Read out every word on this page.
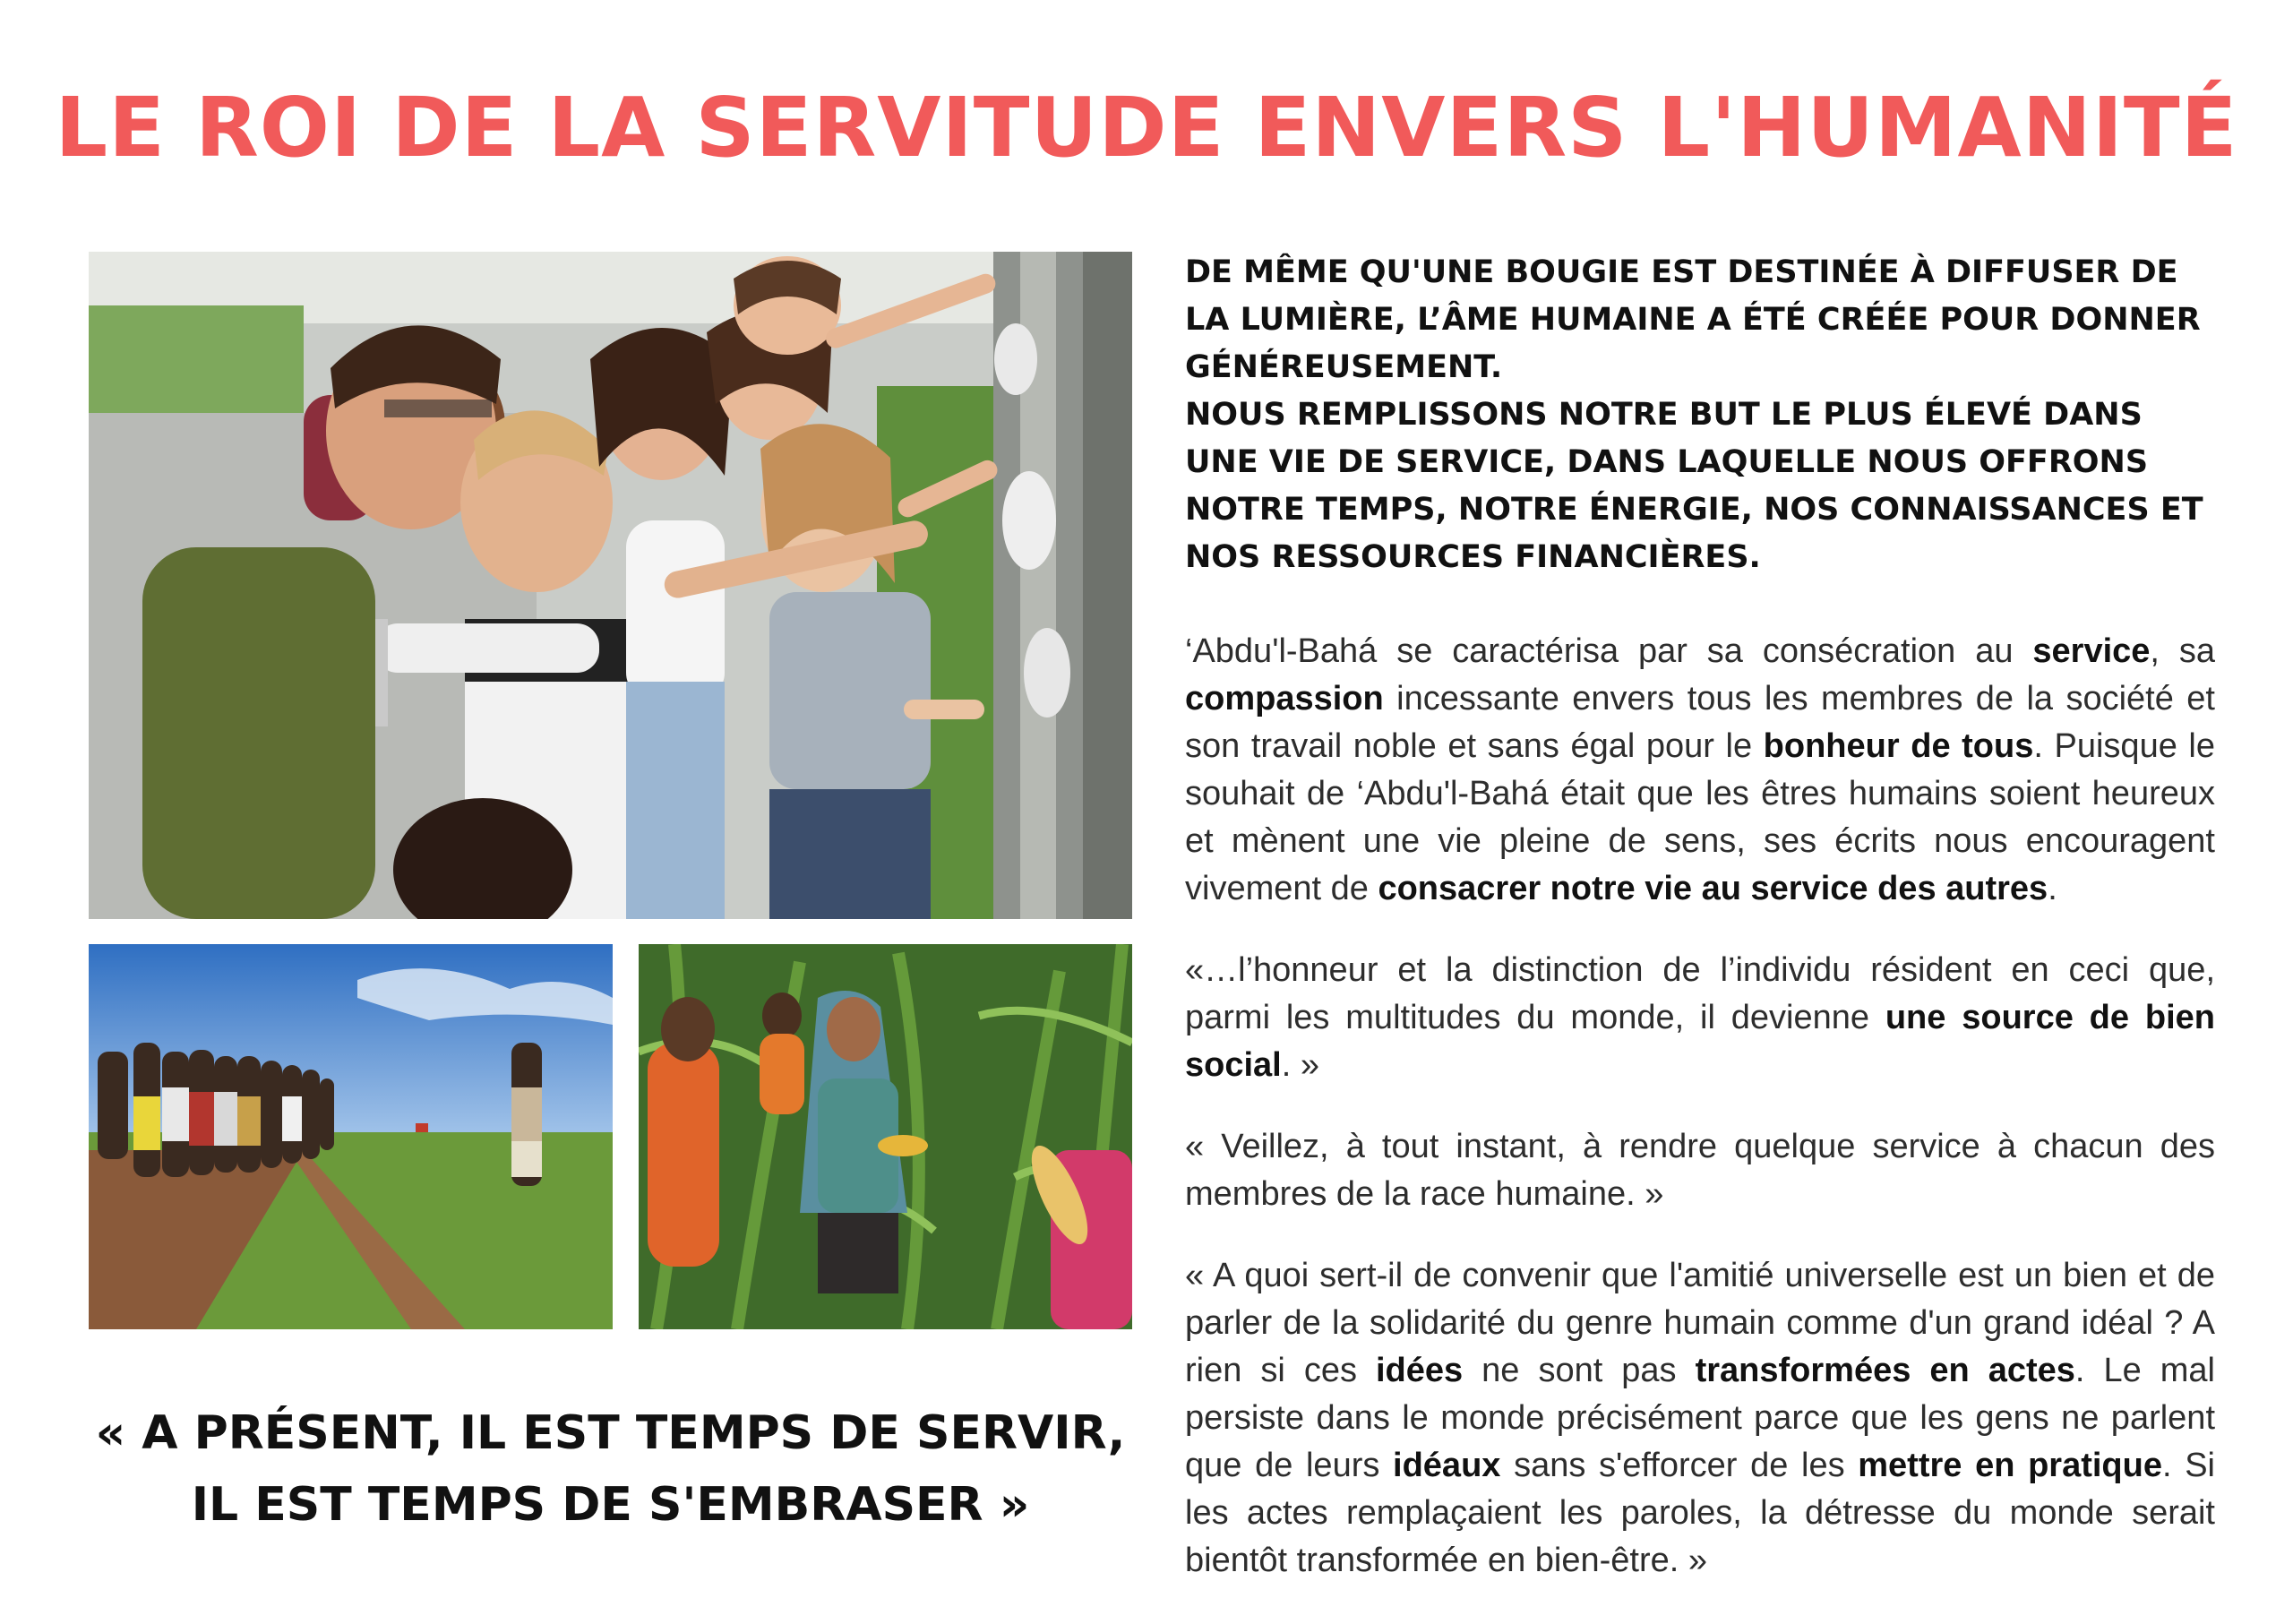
LE ROI DE LA SERVITUDE ENVERS L'HUMANITÉ
« A PRÉSENT, IL EST TEMPS DE SERVIR,
IL EST TEMPS DE S'EMBRASER »

DE MÊME QU'UNE BOUGIE EST DESTINÉE À DIFFUSER DE LA LUMIÈRE, L’ÂME HUMAINE A ÉTÉ CRÉÉE POUR DONNER GÉNÉREUSEMENT.
NOUS REMPLISSONS NOTRE BUT LE PLUS ÉLEVÉ DANS UNE VIE DE SERVICE, DANS LAQUELLE NOUS OFFRONS NOTRE TEMPS, NOTRE ÉNERGIE, NOS CONNAISSANCES ET NOS RESSOURCES FINANCIÈRES.

‘Abdu'l-Bahá se caractérisa par sa consécration au service, sa compassion incessante envers tous les membres de la société et son travail noble et sans égal pour le bonheur de tous. Puisque le souhait de ‘Abdu'l-Bahá était que les êtres humains soient heureux et mènent une vie pleine de sens, ses écrits nous encouragent vivement de consacrer notre vie au service des autres.

«…l’honneur et la distinction de l’individu résident en ceci que, parmi les multitudes du monde, il devienne une source de bien social. »

« Veillez, à tout instant, à rendre quelque service à chacun des membres de la race humaine. »

« A quoi sert-il de convenir que l'amitié universelle est un bien et de parler de la solidarité du genre humain comme d'un grand idéal ? A rien si ces idées ne sont pas transformées en actes. Le mal persiste dans le monde précisément parce que les gens ne parlent que de leurs idéaux sans s'efforcer de les mettre en pratique. Si les actes remplaçaient les paroles, la détresse du monde serait bientôt transformée en bien-être. »
